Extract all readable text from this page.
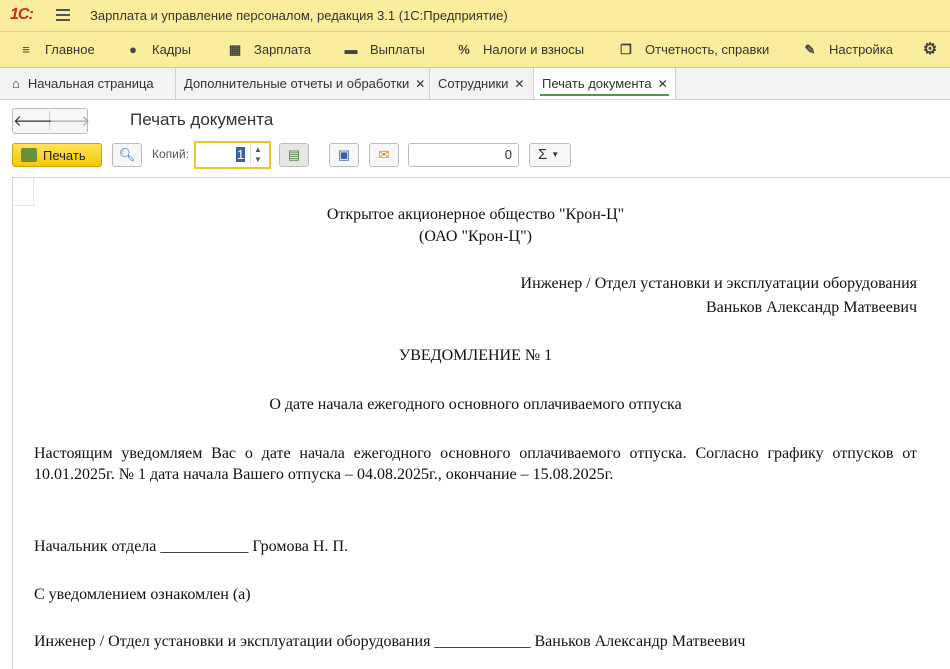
1С:	Зарплата и управление персоналом, редакция 3.1 (1С:Предприятие)
≡ Главное	● Кадры	▦ Зарплата	▬ Выплаты	% Налоги и взносы	❐ Отчетность, справки	✎ Настройка ⚙
⌂ Начальная страница	Дополнительные отчеты и обработки ✕ Сотрудники ✕	Печать документа ✕
🡐
🡒 Печать документа
Печать	🔍︎	Копий:	1	▲
▼	▤	▣	✉	0	Σ ▼
Открытое акционерное общество "Крон-Ц"
(ОАО "Крон-Ц")
Инженер / Отдел установки и эксплуатации оборудования
Ваньков Александр Матвеевич
УВЕДОМЛЕНИЕ № 1
О дате начала ежегодного основного оплачиваемого отпуска
Настоящим уведомляем Вас о дате начала ежегодного основного оплачиваемого отпуска. Согласно графику отпусков от 10.01.2025г. № 1 дата начала Вашего отпуска – 04.08.2025г., окончание – 15.08.2025г.
Начальник отдела ___________ Громова Н. П.
С уведомлением ознакомлен (а)
Инженер / Отдел установки и эксплуатации оборудования ____________ Ваньков Александр Матвеевич
